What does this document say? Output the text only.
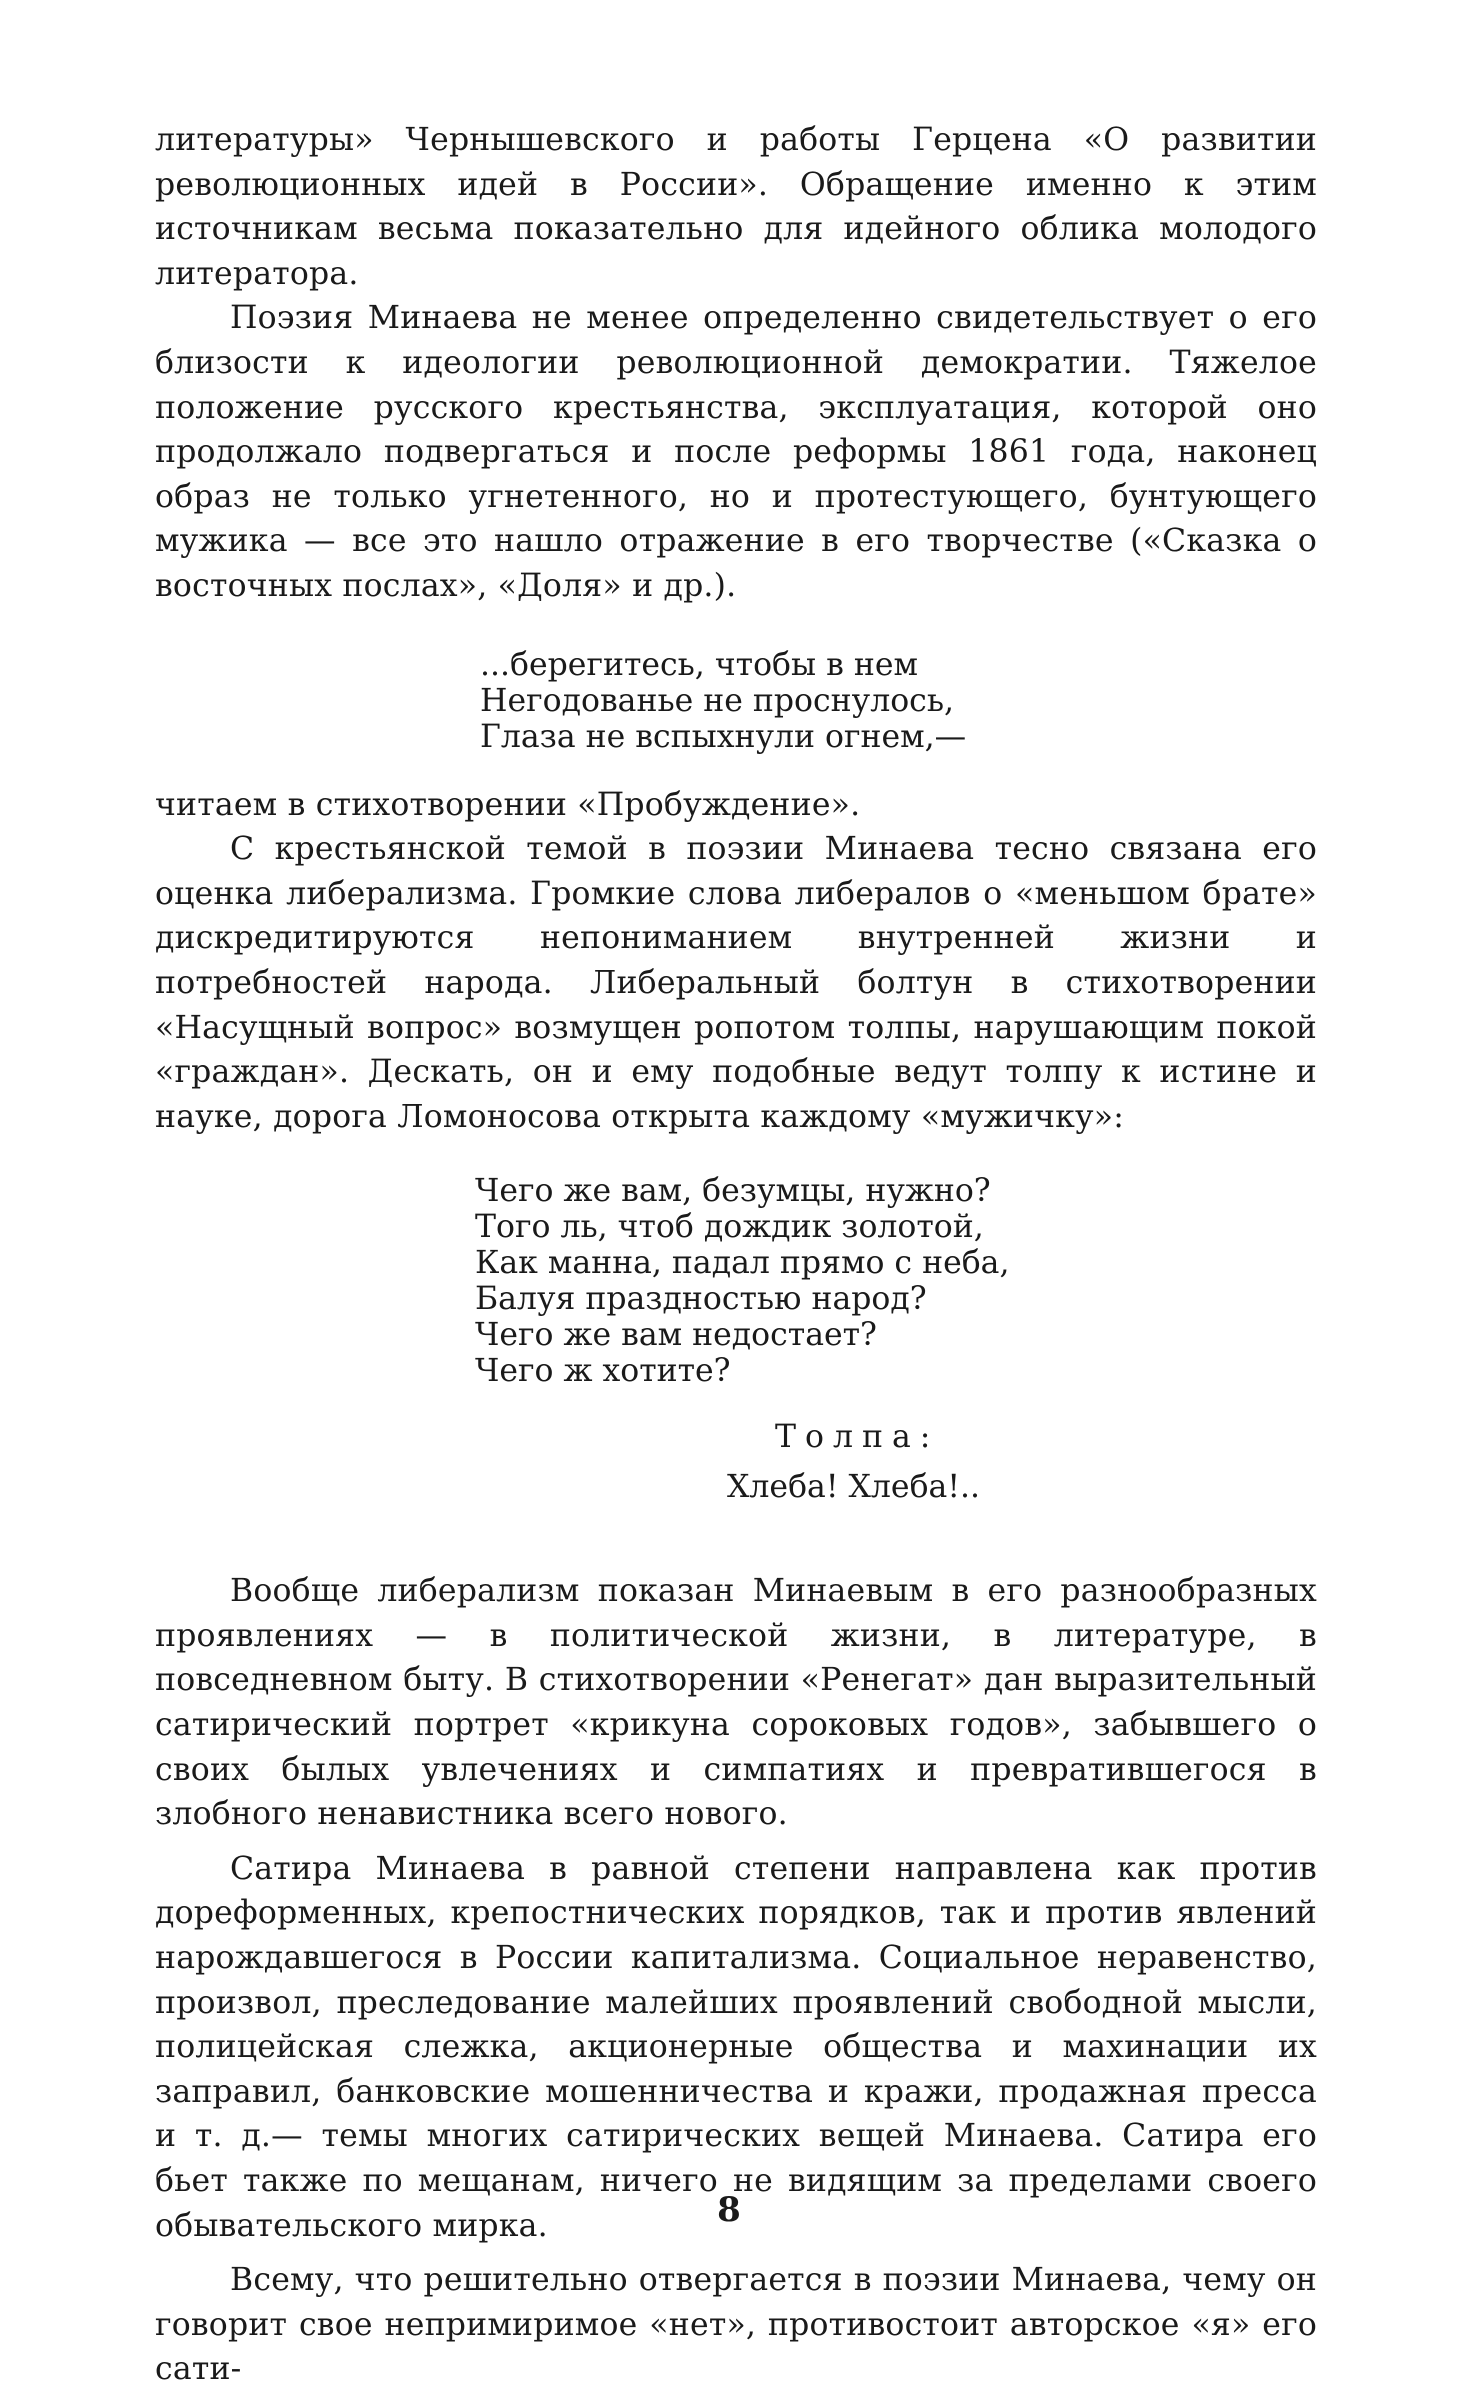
литературы» Чернышевского и работы Герцена «О развитии революционных идей в России». Обращение именно к этим источникам весьма показательно для идейного облика молодого литератора.

Поэзия Минаева не менее определенно свидетельствует о его близости к идеологии революционной демократии. Тяжелое положение русского крестьянства, эксплуатация, которой оно продолжало подвергаться и после реформы 1861 года, наконец образ не только угнетенного, но и протестующего, бунтующего мужика — все это нашло отражение в его творчестве («Сказка о восточных послах», «Доля» и др.).

...берегитесь, чтобы в нем
Негодованье не проснулось,
Глаза не вспыхнули огнем,—

читаем в стихотворении «Пробуждение».

С крестьянской темой в поэзии Минаева тесно связана его оценка либерализма. Громкие слова либералов о «меньшом брате» дискредитируются непониманием внутренней жизни и потребностей народа. Либеральный болтун в стихотворении «Насущный вопрос» возмущен ропотом толпы, нарушающим покой «граждан». Дескать, он и ему подобные ведут толпу к истине и науке, дорога Ломоносова открыта каждому «мужичку»:

Чего же вам, безумцы, нужно?
Того ль, чтоб дождик золотой,
Как манна, падал прямо с неба,
Балуя праздностью народ?
Чего же вам недостает?
Чего ж хотите?
Толпа:
Хлеба! Хлеба!..

Вообще либерализм показан Минаевым в его разнообразных проявлениях — в политической жизни, в литературе, в повседневном быту. В стихотворении «Ренегат» дан выразительный сатирический портрет «крикуна сороковых годов», забывшего о своих былых увлечениях и симпатиях и превратившегося в злобного ненавистника всего нового.

Сатира Минаева в равной степени направлена как против дореформенных, крепостнических порядков, так и против явлений нарождавшегося в России капитализма. Социальное неравенство, произвол, преследование малейших проявлений свободной мысли, полицейская слежка, акционерные общества и махинации их заправил, банковские мошенничества и кражи, продажная пресса и т. д.— темы многих сатирических вещей Минаева. Сатира его бьет также по мещанам, ничего не видящим за пределами своего обывательского мирка.

Всему, что решительно отвергается в поэзии Минаева, чему он говорит свое непримиримое «нет», противостоит авторское «я» его сати-

8
